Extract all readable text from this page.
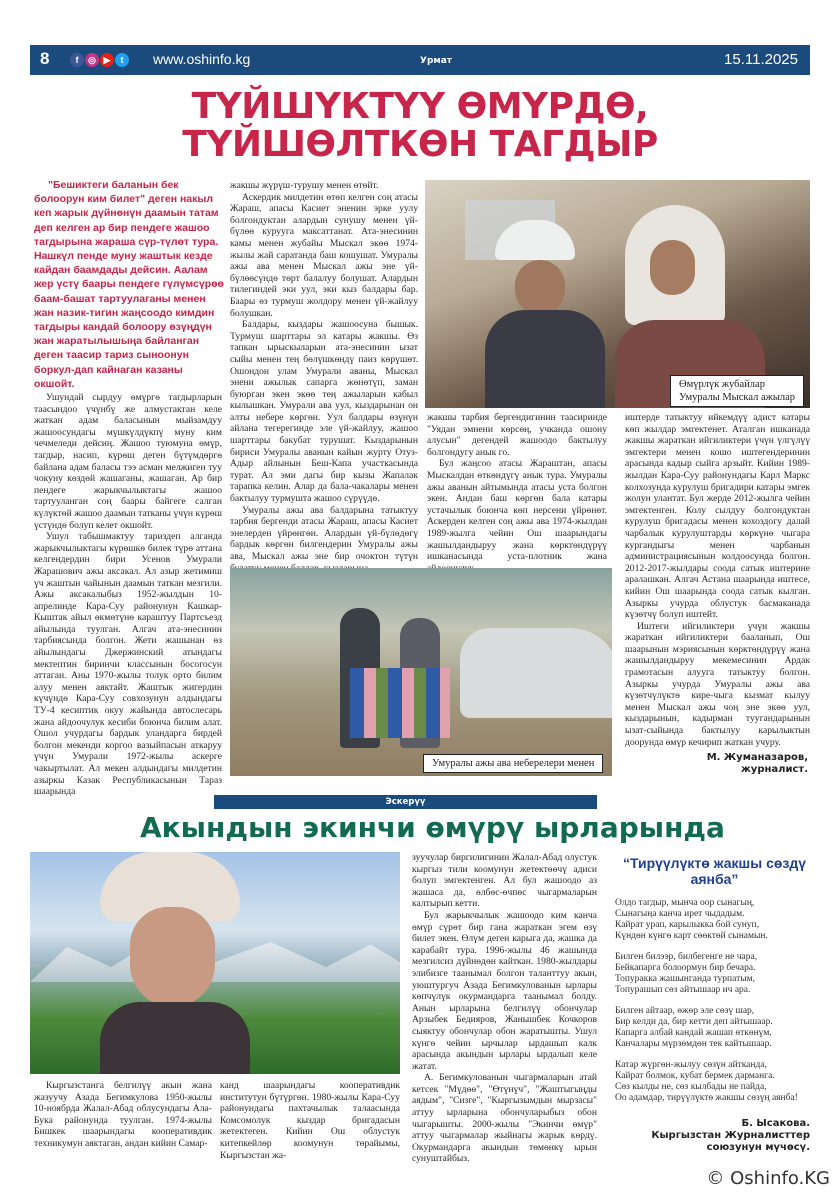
8	f	◎ ▶	t	www.oshinfo.kg	Урмат	15.11.2025
ТҮЙШҮКТҮҮ ӨМҮРДӨ,
ТҮЙШӨЛТКӨН ТАГДЫР
"Бешиктеги баланын бек болоорун ким билет" деген накыл кеп жарык дүйнөнүн даамын татам деп келген ар бир пендеге жашоо тагдырына жараша сүр-түлөт тура. Нашкүл пенде муну жаштык кезде кайдан баамдады дейсин. Аалам жер үстү баары пендеге гүлүмсүрөө баам-башат тартуулаганы менен жан назик-тигин жаңсоодо кимдин тагдыры кандай болоору өзүңдүн жан жаратылышыңа байланган деген таасир тариз сыноонун боркул-дап кайнаган казаны окшойт.

Ушундай сырдуу өмүргө тагдырларын таасындоо үчүнбү же алмустактан келе жаткан адам баласынын мыйзамдуу жашоосундагы мүшкүлдүкпү муну ким чечмеледи дейсиң. Жашоо туюмуна өмүр, тагдыр, насип, күрөш деген бүтүмдөргө байлана адам баласы тээ асман мелжиген туу чокуну көздөй жашаганы, жашаган. Ар бир пендеге жарыкчылыктагы жашоо тартууланган соң баары байгеге салган күлүктөй жашоо даамын татканы үчүн күрөш үстүндө болуп келет окшойт.

Ушул табышмактуу тариздеп алганда жарыкчылыктагы күрөшкө билек түрө аттана келгендердин бири Усенов Умурали Жарашович ажы аксакал. Ал азыр жетимиш үч жаштын чайынын даамын таткан мезгили. Ажы аксакалыбыз 1952-жылдын 10-апрелинде Кара-Суу районунун Кашкар- Кыштак айыл өкмөтүнө караштуу Партсъезд айылында туулган. Алгач ата-энесинин тарбиясында болгон. Жети жашынан өз айылындагы Джержинский атындагы мектептин биринчи классынын босогосун аттаган. Аны 1970-жылы толук орто билим алуу менен аяктайт. Жаштык жигердин күчүндө Кара-Суу совхозунун алдындагы ТУ-4 кесиптик окуу жайында автослесарь жана айдоочулук кесиби боюнча билим алат. Ошол учурдагы бардык уландарга бирдей болгон мекенди коргоо вазыйпасын аткаруу үчүн Умурали 1972-жылы аскерге чакыртылат. Ал мекен алдындагы милдетин азыркы Казак Республикасынын Тараз шаарында

жакшы жүрүш-турушу менен өтөйт.

Аскердик милдетин өтөп келген соң атасы Жараш, апасы Касиет эненин эрке уулу болгондуктан алардын сунушу менен үй-бүлөө курууга максаттанат. Ата-энесинин камы менен жубайы Мыскал экөө 1974-жылы жай саратанда баш кошушат. Умуралы ажы ава менен Мыскал ажы эне үй-бүлөөсүндө төрт балалуу болушат. Алардын тилегиндей эки уул, эки кыз балдары бар. Баары өз турмуш жолдору менен үй-жайлуу болушкан.

Балдары, кыздары жашоосуна бышык. Турмуш шарттары эл катары жакшы. Өз тапкан ырыскыларын ата-энесинин ызат сыйы менен тең бөлүшкөндү паиз көрүшөт. Ошондон улам Умурали аваны, Мыскал энени ажылык сапарга жөнөтүп, заман буюрган экен экөө тең ажыларын кабыл кылышкан. Умурали ава уул, кыздарынан он алты небере көргөн. Уул балдары өзүнүн айлана тегерегинде эле үй-жайлуу, жашоо шарттары бакубат турушат. Кыздарынын бириси Умуралы аванын кайын журту Отуз-Адыр айлынын Беш-Капа участкасында турат. Ал эми дагы бир кызы Жапалак тарапка келин. Алар да бала-чакалары менен бактылуу турмушта жашоо сүрүүдө.

Умуралы ажы ава балдарына татыктуу тарбия бергенди атасы Жараш, апасы Касиет энелерден үйрөнгөн. Алардын үй-бүлөдөгү бардык көргөн билгендерин Умуралы ажы ава, Мыскал ажы эне бир очоктон түтүн

Өмүрлүк жубайлар
Умуралы Мыскал ажылар

жакшы тарбия бергендигинин таасиринде "Уядан эмнени көрсөң, учканда ошону алусын" дегендей жашоодо бактылуу болгондугу анык го.

Бул жаңсоо атасы Жараштан, апасы Мыскалдан өткөндүгү анык тура. Умуралы ажы аванын айтымында атасы уста болгон экен. Андан баш көргөн бала катары устачылык боюнча көп нерсени үйрөнөт. Аскерден келген соң ажы ава 1974-жылдан 1989-жылга чейин Ош шаарындагы жашылдандыруу жана көрктөндүрүү ишканасында уста-плотник жана

иштерде татыктуу ийкемдүү адист катары көп жылдар эмгектенет. Аталган ишканада жакшы жараткан ийгиликтери үчүн үлгүлүү эмгектери менен кошо иштегендеринин арасында кадыр сыйга арзыйт. Кийин 1989-жылдан Кара-Суу районундагы Карл Маркс колхозунда курулуш бригадири катары эмгек жолун улантат. Бул жерде 2012-жылга чейин эмгектенген. Колу сылдуу болгондуктан курулуш бригадасы менен кохоздогу далай чарбалык курулуштарды көркүнө чыгара кургандыгы менен чарбанын администрациясынын колдоосунда болгон. 2012-2017-жылдары соода сатык иштерине аралашкан. Алгач Астана шаарында иштесе, кийин Ош шаарында соода сатык кылган. Азыркы учурда облустук басмаканада күзөтчү болуп иштейт.

Иштеги ийгиликтери үчүн жакшы жараткан ийгиликтери бааланып, Ош шаарынын мэриясынын көрктөндүрүү жана жашылдандыруу мекемесинин Ардак грамотасын алууга татыктуу болгон. Азыркы учурда Умуралы ажы ава күзөтчүлүктө кире-чыга кызмат кылуу менен Мыскал ажы чоң эне экөө уул, кыздарынын, кадырман туугандарынын ызат-сыйында бактылуу карылыктын доорунда өмүр кечирип жаткан учуру.

М. Жуманазаров,
журналист.
Умуралы ажы ава неберелери менен
Эскерүү
Акындын экинчи өмүрү ырларында

Кыргызстанга белгилүү акын жана жазуучу Азада Бегимкулова 1950-жылы 10-ноябрда Жалал-Абад облусундагы Ала-Бука районунда туулган. 1974-жылы Бишкек шаарындагы кооперативдик техникумун аяктаган, андан кийин Самар-

канд шаарындагы кооперативдик институтун бүтүргөн. 1980-жылы Кара-Суу районундагы пахтачылык талаасында Комсомолук кыздар бригадасын жетектеген. Кийин Ош облустук китепкейлөр коомунун төрайымы, Кыргызстан жа-

зуучулар биргилигинин Жалал-Абад олустук кыргыз тили коомунун жетектөөчү адиси болуп эмгектенген. Ал бул жашоодо аз жашаса да, өлбөс-өчпөс чыгармаларын калтырып кетти.

Бул жарыкчылык жашоодо ким канча өмүр сүрөт бир гана жараткан эгем өзү билет экен. Өлүм деген карыга да, жашка да карабайт тура. 1996-жылы 46 жашында мезгилсиз дүйнөдөн кайткан. 1980-жылдары элибизге таанымал болгон таланттуу акын, уюштургуч Азада Бегимкулованын ырлары көпчүлүк окурмандарга таанымал болду. Анын ырларына белгилүү обончулар Арзыбек Бедияров, Жанышбек Кочкоров сыяктуу обончулар обон жаратышты. Ушул күнгө чейин ырчылар ырдашып калк арасында акындын ырлары ырдалып келе жатат.

А. Бегимкулованын чыгармаларын атай кетсек "Мүдөө", "Өтүнүч", "Жаштыгыңды аядым", "Сизге", "Кыргызымдын мырзасы" аттуу ырларына обончуларыбыз обон чыгарышты. 2000-жылы "Экинчи өмүр" аттуу чыгармалар жыйнагы жарык көрдү. Окурмандарга акындын төмөнкү ырын сунуштайбыз.

“Тирүүлүктө жакшы сөздү аянба”
Олдо тагдыр, мынча оор сынагың,
Сынагыңа канча ирет чыдадым.
Кайрат урап, карылыкка бой сунуп,
Күндөн күнгө карт сөөктөй сынамын.
Билген билээр, билбегенге не чара,
Бейкапарга болоормун бир бечара.
Топуракка жашынганда турпатым,
Топурашып сөз айтышаар ич ара.
Билген айтаар, өжөр эле сөзү шар,
Бир келди да, бир кетти деп айтышаар.
Капарга албай кандай жашап өткөнүм,
Канчалары мүрзөмдөн тек кайтышаар.
Катар жүргөн-жылуу сөзүн айтканда,
Кайрат болмок, кубат бермек дарманга.
Сөз кылды не, сөз кылбады не пайда,
Оо адамдар, тирүүлүктө жакшы сөзүң аянба!
Б. Ысакова.
Кыргызстан Журналисттер
союзунун мүчөсү.
© Oshinfo.KG
